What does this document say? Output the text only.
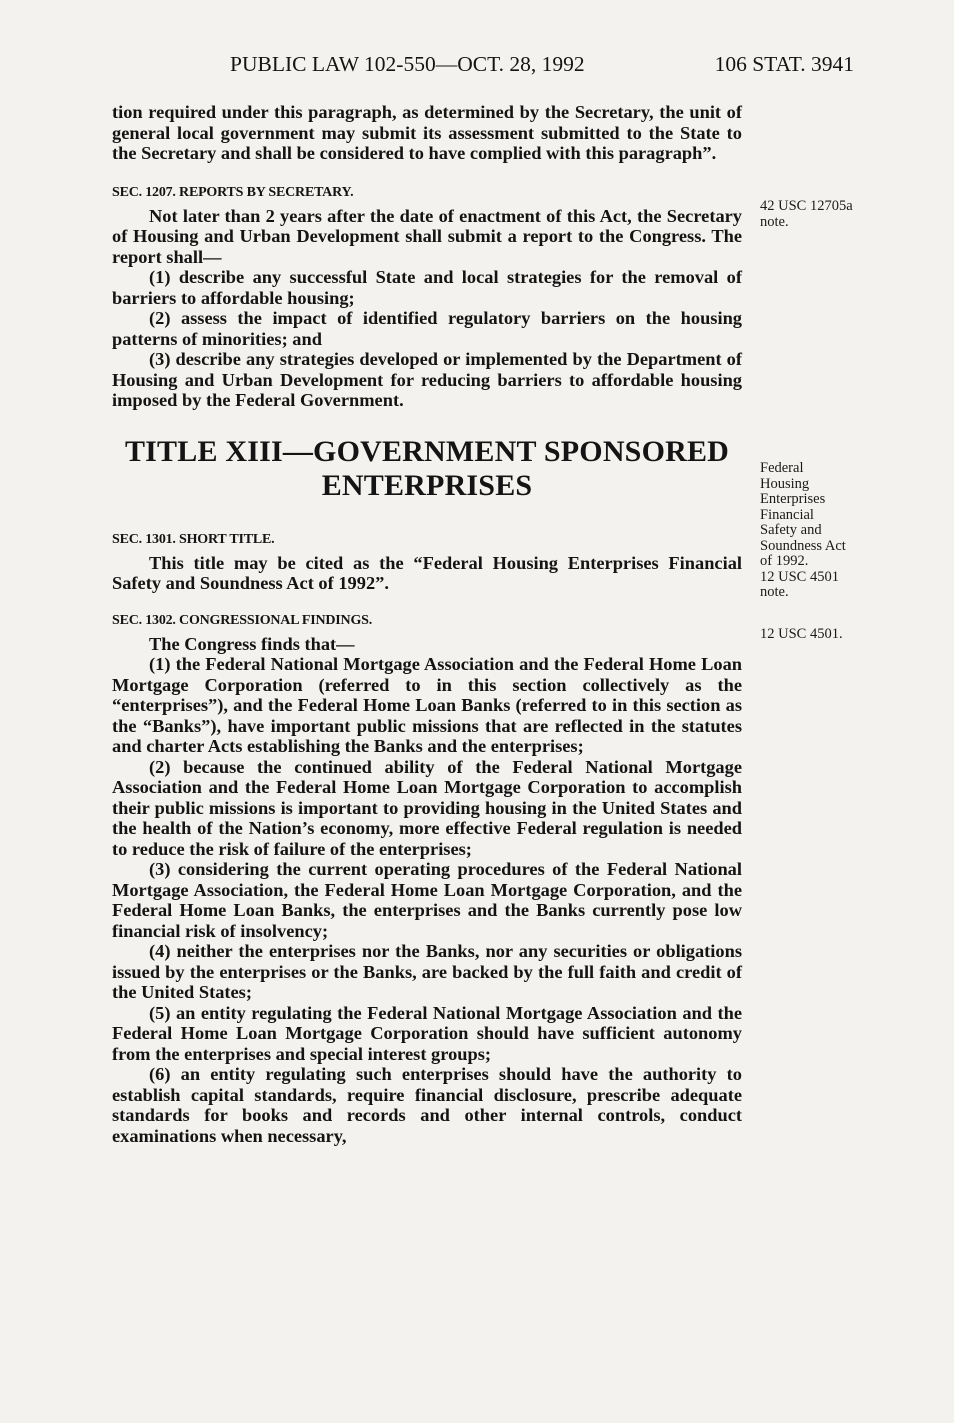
PUBLIC LAW 102-550—OCT. 28, 1992	106 STAT. 3941

tion required under this paragraph, as determined by the Secretary, the unit of general local government may submit its assessment submitted to the State to the Secretary and shall be considered to have complied with this paragraph”.

SEC. 1207. REPORTS BY SECRETARY.

Not later than 2 years after the date of enactment of this Act, the Secretary of Housing and Urban Development shall submit a report to the Congress. The report shall—

(1) describe any successful State and local strategies for the removal of barriers to affordable housing;

(2) assess the impact of identified regulatory barriers on the housing patterns of minorities; and

(3) describe any strategies developed or implemented by the Department of Housing and Urban Development for reducing barriers to affordable housing imposed by the Federal Government.

TITLE XIII—GOVERNMENT SPONSORED

ENTERPRISES

SEC. 1301. SHORT TITLE.

This title may be cited as the “Federal Housing Enterprises Financial Safety and Soundness Act of 1992”.

SEC. 1302. CONGRESSIONAL FINDINGS.

The Congress finds that—

(1) the Federal National Mortgage Association and the Federal Home Loan Mortgage Corporation (referred to in this section collectively as the “enterprises”), and the Federal Home Loan Banks (referred to in this section as the “Banks”), have important public missions that are reflected in the statutes and charter Acts establishing the Banks and the enterprises;

(2) because the continued ability of the Federal National Mortgage Association and the Federal Home Loan Mortgage Corporation to accomplish their public missions is important to providing housing in the United States and the health of the Nation’s economy, more effective Federal regulation is needed to reduce the risk of failure of the enterprises;

(3) considering the current operating procedures of the Federal National Mortgage Association, the Federal Home Loan Mortgage Corporation, and the Federal Home Loan Banks, the enterprises and the Banks currently pose low financial risk of insolvency;

(4) neither the enterprises nor the Banks, nor any securities or obligations issued by the enterprises or the Banks, are backed by the full faith and credit of the United States;

(5) an entity regulating the Federal National Mortgage Association and the Federal Home Loan Mortgage Corporation should have sufficient autonomy from the enterprises and special interest groups;

(6) an entity regulating such enterprises should have the authority to establish capital standards, require financial disclosure, prescribe adequate standards for books and records and other internal controls, conduct examinations when necessary,

42 USC 12705a
note.
Federal
Housing
Enterprises
Financial
Safety and
Soundness Act
of 1992.
12 USC 4501
note.
12 USC 4501.
